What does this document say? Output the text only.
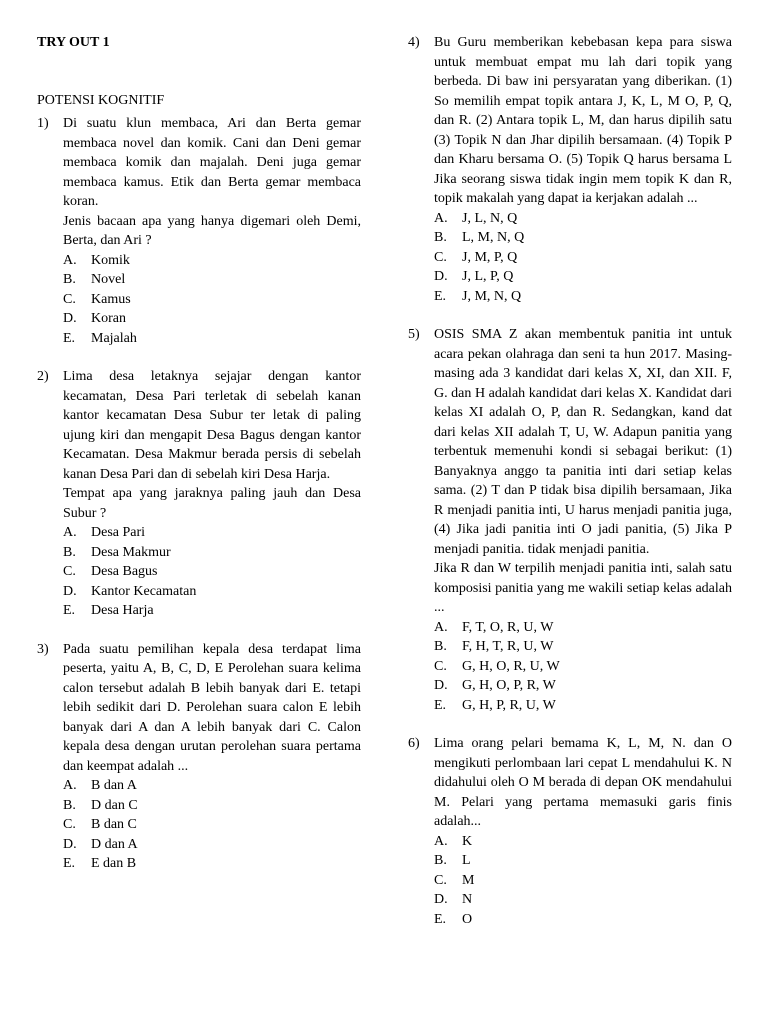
TRY OUT 1
POTENSI KOGNITIF
1) Di suatu klun membaca, Ari dan Berta gemar membaca novel dan komik. Cani dan Deni gemar membaca komik dan majalah. Deni juga gemar membaca kamus. Etik dan Berta gemar membaca koran.

Jenis bacaan apa yang hanya digemari oleh Demi, Berta, dan Ari ?

A.	Komik
B.	Novel
C.	Kamus
D.	Koran
E.	Majalah
2) Lima desa letaknya sejajar dengan kantor kecamatan, Desa Pari terletak di sebelah kanan kantor kecamatan Desa Subur ter letak di paling ujung kiri dan mengapit Desa Bagus dengan kantor Kecamatan. Desa Makmur berada persis di sebelah kanan Desa Pari dan di sebelah kiri Desa Harja.

Tempat apa yang jaraknya paling jauh dan Desa Subur ?

A.	Desa Pari
B.	Desa Makmur
C.	Desa Bagus
D.	Kantor Kecamatan
E.	Desa Harja
3) Pada suatu pemilihan kepala desa terdapat lima peserta, yaitu A, B, C, D, E Perolehan suara kelima calon tersebut adalah B lebih banyak dari E. tetapi lebih sedikit dari D. Perolehan suara calon E lebih banyak dari A dan A lebih banyak dari C. Calon kepala desa dengan urutan perolehan suara pertama dan keempat adalah ...

A.	B dan A
B.	D dan C
C.	B dan C
D.	D dan A
E.	E dan B
4) Bu Guru memberikan kebebasan kepa para siswa untuk membuat empat mu lah dari topik yang berbeda. Di baw ini persyaratan yang diberikan. (1) So memilih empat topik antara J, K, L, M O, P, Q, dan R. (2) Antara topik L, M, dan harus dipilih satu (3) Topik N dan Jhar dipilih bersamaan. (4) Topik P dan Kharu bersama O. (5) Topik Q harus bersama L Jika seorang siswa tidak ingin mem topik K dan R, topik makalah yang dapat ia kerjakan adalah ...

A.	J, L, N, Q
B.	L, M, N, Q
C.	J, M, P, Q
D.	J, L, P, Q
E.	J, M, N, Q
5) OSIS SMA Z akan membentuk panitia int untuk acara pekan olahraga dan seni ta hun 2017. Masing-masing ada 3 kandidat dari kelas X, XI, dan XII. F, G. dan H adalah kandidat dari kelas X. Kandidat dari kelas XI adalah O, P, dan R. Sedangkan, kand dat dari kelas XII adalah T, U, W. Adapun panitia yang terbentuk memenuhi kondi si sebagai berikut: (1) Banyaknya anggo ta panitia inti dari setiap kelas sama. (2) T dan P tidak bisa dipilih bersamaan, Jika R menjadi panitia inti, U harus menjadi panitia juga, (4) Jika jadi panitia inti O jadi panitia, (5) Jika P menjadi panitia. tidak menjadi panitia.

Jika R dan W terpilih menjadi panitia inti, salah satu komposisi panitia yang me wakili setiap kelas adalah ...

A.	F, T, O, R, U, W
B.	F, H, T, R, U, W
C.	G, H, O, R, U, W
D.	G, H, O, P, R, W
E.	G, H, P, R, U, W
6) Lima orang pelari bemama K, L, M, N. dan O mengikuti perlombaan lari cepat L mendahului K. N didahului oleh O M berada di depan OK mendahului M. Pelari yang pertama memasuki garis finis adalah...

A.	K
B.	L
C.	M
D.	N
E.	O
